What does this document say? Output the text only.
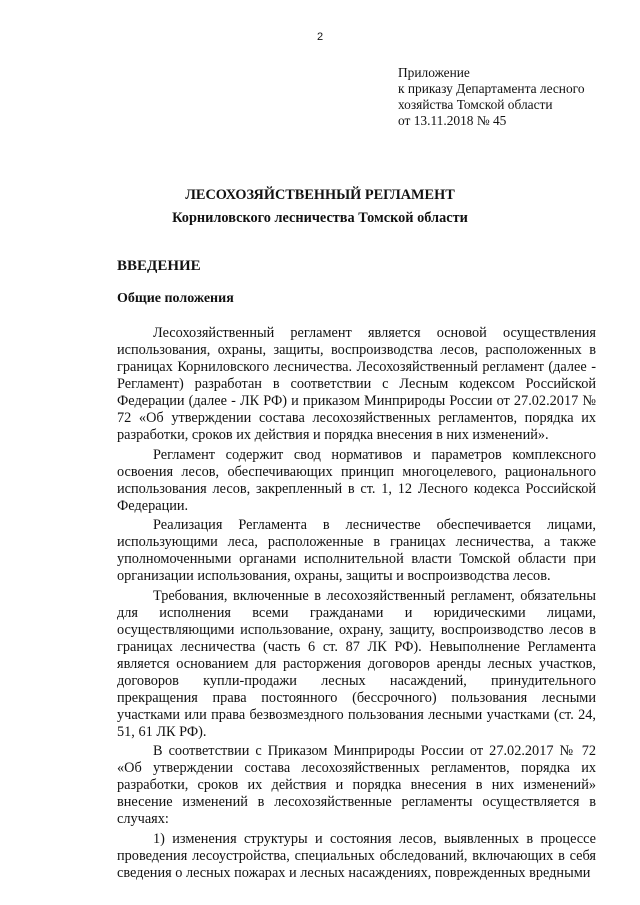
2
Приложение
к приказу Департамента лесного
хозяйства Томской области
от 13.11.2018 № 45
ЛЕСОХОЗЯЙСТВЕННЫЙ РЕГЛАМЕНТ
Корниловского лесничества Томской области
ВВЕДЕНИЕ
Общие положения

Лесохозяйственный регламент является основой осуществления использования, охраны, защиты, воспроизводства лесов, расположенных в границах Корниловского лесничества. Лесохозяйственный регламент (далее - Регламент) разработан в соответствии с Лесным кодексом Российской Федерации (далее - ЛК РФ) и приказом Минприроды России от 27.02.2017 № 72 «Об утверждении состава лесохозяйственных регламентов, порядка их разработки, сроков их действия и порядка внесения в них изменений».

Регламент содержит свод нормативов и параметров комплексного освоения лесов, обеспечивающих принцип многоцелевого, рационального использования лесов, закрепленный в ст. 1, 12 Лесного кодекса Российской Федерации.

Реализация Регламента в лесничестве обеспечивается лицами, использующими леса, расположенные в границах лесничества, а также уполномоченными органами исполнительной власти Томской области при организации использования, охраны, защиты и воспроизводства лесов.

Требования, включенные в лесохозяйственный регламент, обязательны для исполнения всеми гражданами и юридическими лицами, осуществляющими использование, охрану, защиту, воспроизводство лесов в границах лесничества (часть 6 ст. 87 ЛК РФ). Невыполнение Регламента является основанием для расторжения договоров аренды лесных участков, договоров купли-продажи лесных насаждений, принудительного прекращения права постоянного (бессрочного) пользования лесными участками или права безвозмездного пользования лесными участками (ст. 24, 51, 61 ЛК РФ).

В соответствии с Приказом Минприроды России от 27.02.2017 № 72 «Об утверждении состава лесохозяйственных регламентов, порядка их разработки, сроков их действия и порядка внесения в них изменений» внесение изменений в лесохозяйственные регламенты осуществляется в случаях:

1) изменения структуры и состояния лесов, выявленных в процессе проведения лесоустройства, специальных обследований, включающих в себя сведения о лесных пожарах и лесных насаждениях, поврежденных вредными
